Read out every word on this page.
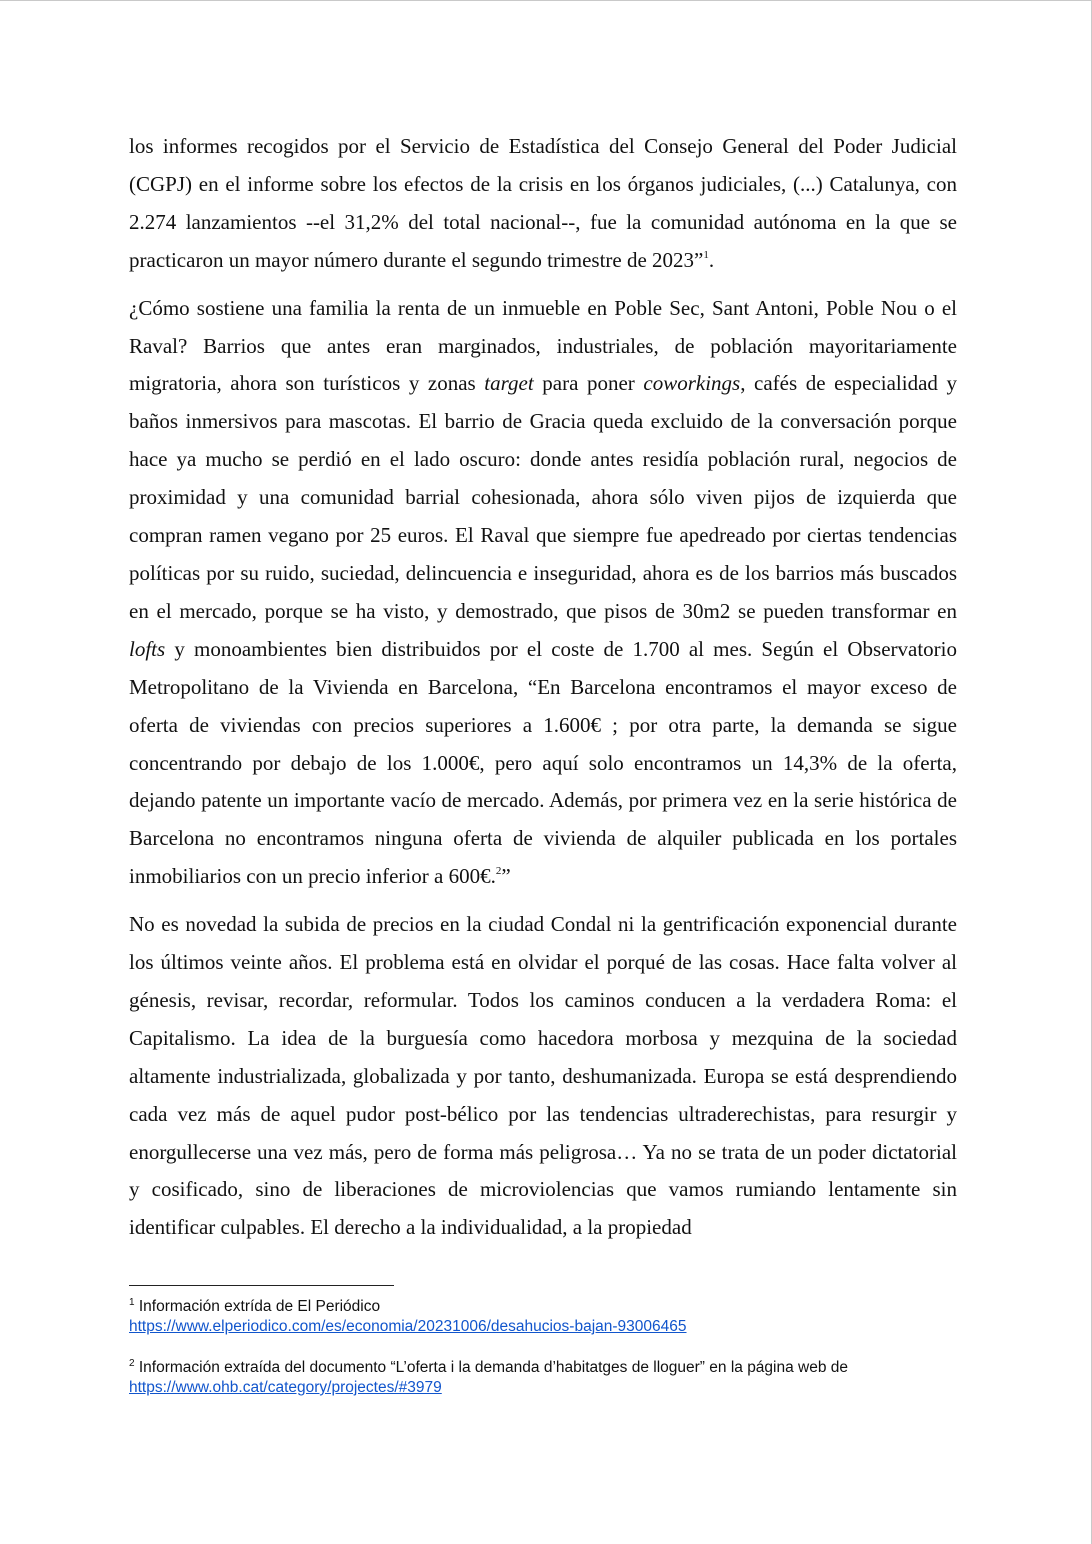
los informes recogidos por el Servicio de Estadística del Consejo General del Poder Judicial (CGPJ) en el informe sobre los efectos de la crisis en los órganos judiciales, (...) Catalunya, con 2.274 lanzamientos --el 31,2% del total nacional--, fue la comunidad autónoma en la que se practicaron un mayor número durante el segundo trimestre de 2023”$^1$.

¿Cómo sostiene una familia la renta de un inmueble en Poble Sec, Sant Antoni, Poble Nou o el Raval? Barrios que antes eran marginados, industriales, de población mayoritariamente migratoria, ahora son turísticos y zonas target para poner coworkings, cafés de especialidad y baños inmersivos para mascotas. El barrio de Gracia queda excluido de la conversación porque hace ya mucho se perdió en el lado oscuro: donde antes residía población rural, negocios de proximidad y una comunidad barrial cohesionada, ahora sólo viven pijos de izquierda que compran ramen vegano por 25 euros. El Raval que siempre fue apedreado por ciertas tendencias políticas por su ruido, suciedad, delincuencia e inseguridad, ahora es de los barrios más buscados en el mercado, porque se ha visto, y demostrado, que pisos de 30m2 se pueden transformar en lofts y monoambientes bien distribuidos por el coste de 1.700 al mes. Según el Observatorio Metropolitano de la Vivienda en Barcelona, “En Barcelona encontramos el mayor exceso de oferta de viviendas con precios superiores a 1.600€ ; por otra parte, la demanda se sigue concentrando por debajo de los 1.000€, pero aquí solo encontramos un 14,3% de la oferta, dejando patente un importante vacío de mercado. Además, por primera vez en la serie histórica de Barcelona no encontramos ninguna oferta de vivienda de alquiler publicada en los portales inmobiliarios con un precio inferior a 600€.$^2$”

No es novedad la subida de precios en la ciudad Condal ni la gentrificación exponencial durante los últimos veinte años. El problema está en olvidar el porqué de las cosas. Hace falta volver al génesis, revisar, recordar, reformular. Todos los caminos conducen a la verdadera Roma: el Capitalismo. La idea de la burguesía como hacedora morbosa y mezquina de la sociedad altamente industrializada, globalizada y por tanto, deshumanizada. Europa se está desprendiendo cada vez más de aquel pudor post-bélico por las tendencias ultraderechistas, para resurgir y enorgullecerse una vez más, pero de forma más peligrosa… Ya no se trata de un poder dictatorial y cosificado, sino de liberaciones de microviolencias que vamos rumiando lentamente sin identificar culpables. El derecho a la individualidad, a la propiedad

$^1$ Información extrída de El Periódico
https://www.elperiodico.com/es/economia/20231006/desahucios-bajan-93006465
$^2$ Información extraída del documento “L’oferta i la demanda d’habitatges de lloguer” en la página web de
https://www.ohb.cat/category/projectes/#3979
